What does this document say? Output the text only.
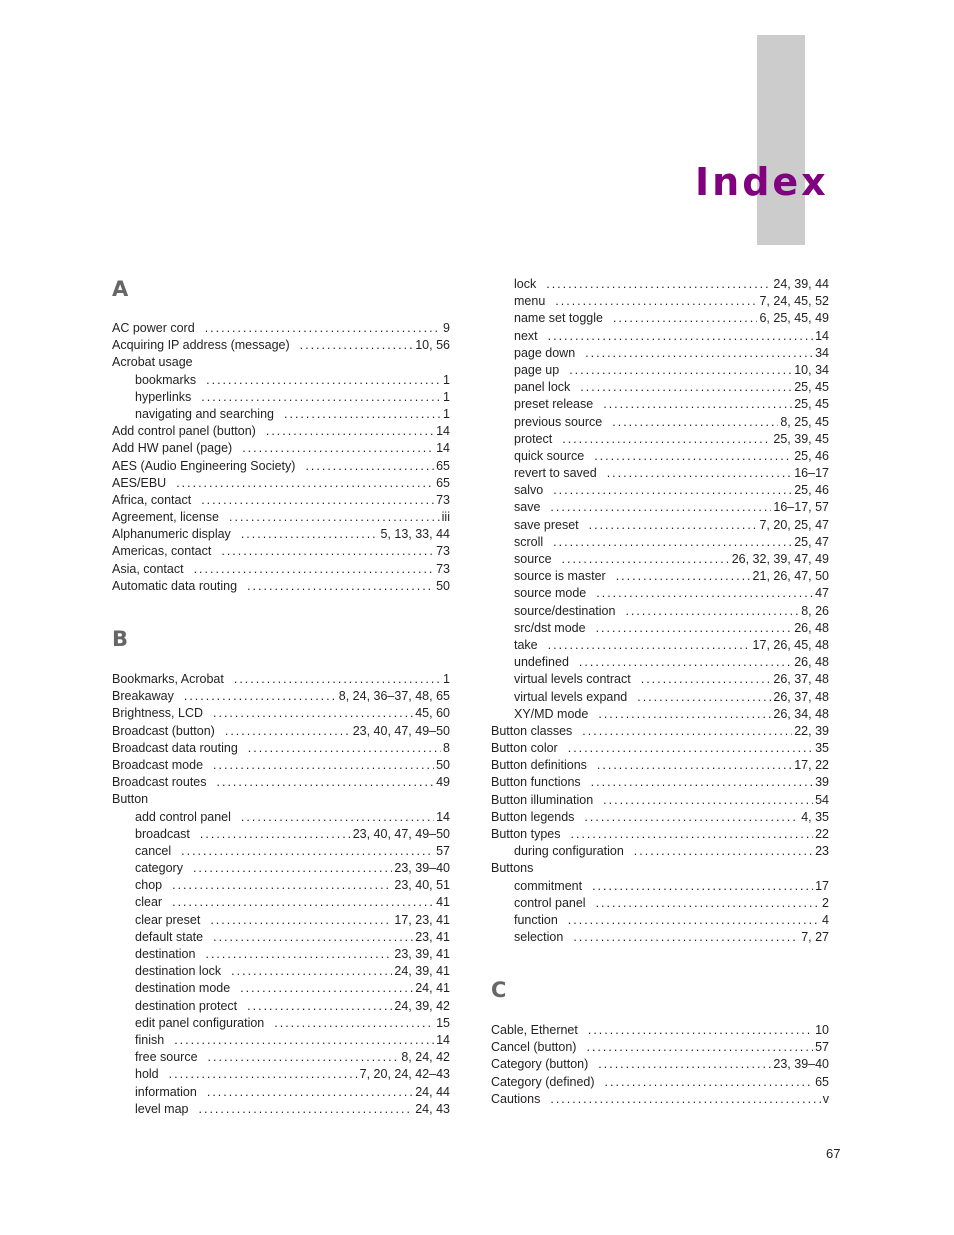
Index
A
AC power cord .....	9
Acquiring IP address (message) .....	10, 56
Acrobat usage
bookmarks .....	1
hyperlinks .....	1
navigating and searching .....	1
Add control panel (button) .....	14
Add HW panel (page) .....	14
AES (Audio Engineering Society) .....	65
AES/EBU .....	65
Africa, contact .....	73
Agreement, license .....	iii
Alphanumeric display .....	5, 13, 33, 44
Americas, contact .....	73
Asia, contact .....	73
Automatic data routing .....	50
B
Bookmarks, Acrobat .....	1
Breakaway .....	8, 24, 36–37, 48, 65
Brightness, LCD .....	45, 60
Broadcast (button) .....	23, 40, 47, 49–50
Broadcast data routing .....	8
Broadcast mode .....	50
Broadcast routes .....	49
Button
add control panel .....	14
broadcast .....	23, 40, 47, 49–50
cancel .....	57
category .....	23, 39–40
chop .....	23, 40, 51
clear .....	41
clear preset .....	17, 23, 41
default state .....	23, 41
destination .....	23, 39, 41
destination lock .....	24, 39, 41
destination mode .....	24, 41
destination protect .....	24, 39, 42
edit panel configuration .....	15
finish .....	14
free source .....	8, 24, 42
hold .....	7, 20, 24, 42–43
information .....	24, 44
level map .....	24, 43
lock .....	24, 39, 44
menu .....	7, 24, 45, 52
name set toggle .....	6, 25, 45, 49
next .....	14
page down .....	34
page up .....	10, 34
panel lock .....	25, 45
preset release .....	25, 45
previous source .....	8, 25, 45
protect .....	25, 39, 45
quick source .....	25, 46
revert to saved .....	16–17
salvo .....	25, 46
save .....	16–17, 57
save preset .....	7, 20, 25, 47
scroll .....	25, 47
source .....	26, 32, 39, 47, 49
source is master .....	21, 26, 47, 50
source mode .....	47
source/destination .....	8, 26
src/dst mode .....	26, 48
take .....	17, 26, 45, 48
undefined .....	26, 48
virtual levels contract .....	26, 37, 48
virtual levels expand .....	26, 37, 48
XY/MD mode .....	26, 34, 48
Button classes .....	22, 39
Button color .....	35
Button definitions .....	17, 22
Button functions .....	39
Button illumination .....	54
Button legends .....	4, 35
Button types .....	22
during configuration .....	23
Buttons
commitment .....	17
control panel .....	2
function .....	4
selection .....	7, 27
C
Cable, Ethernet .....	10
Cancel (button) .....	57
Category (button) .....	23, 39–40
Category (defined) .....	65
Cautions .....	v

67
